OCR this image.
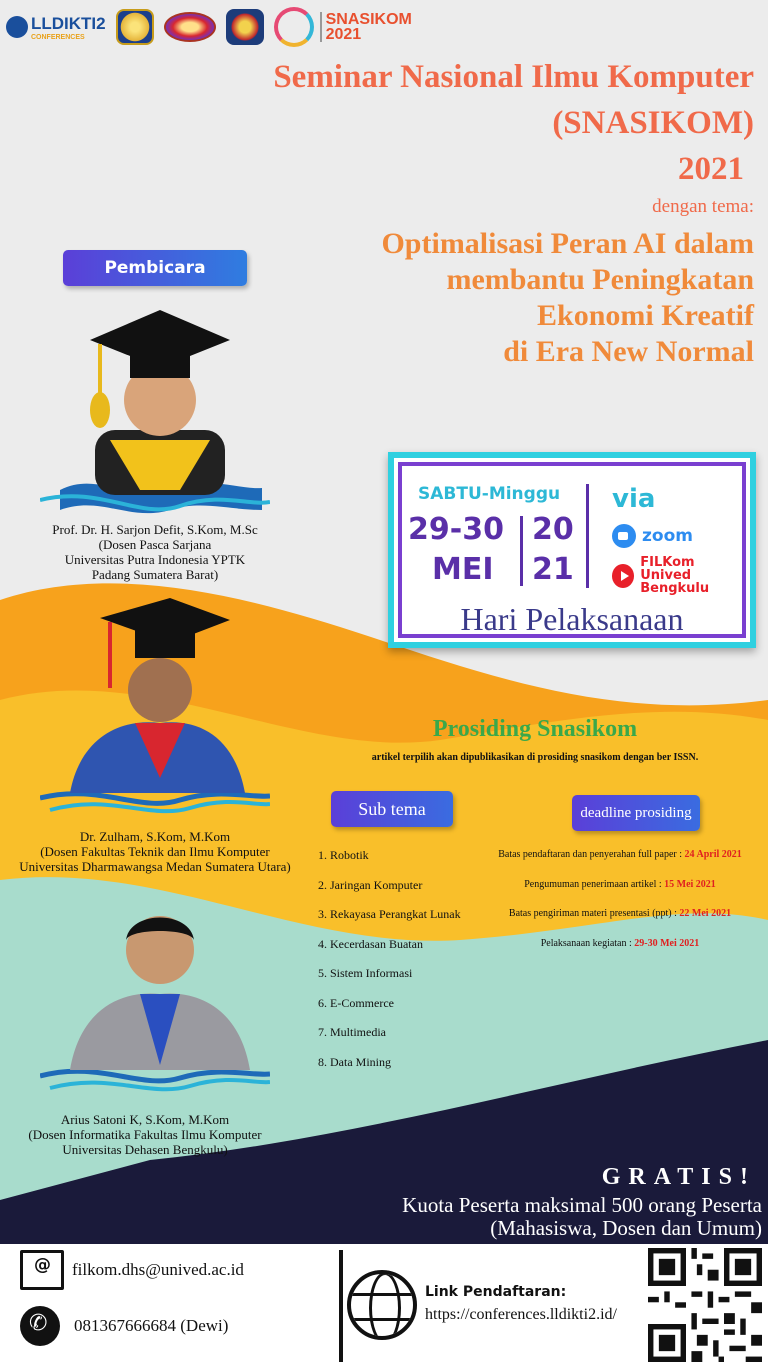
LLDIKTI2
CONFERENCES
SNASIKOM
2021
Seminar Nasional Ilmu Komputer
(SNASIKOM)
2021
dengan tema:
Optimalisasi Peran AI dalam
membantu Peningkatan
Ekonomi Kreatif
di Era New Normal
Pembicara
Prof. Dr. H. Sarjon Defit, S.Kom, M.Sc
(Dosen Pasca Sarjana
Universitas Putra Indonesia YPTK
Padang Sumatera Barat)
Dr. Zulham, S.Kom, M.Kom
(Dosen Fakultas Teknik dan Ilmu Komputer
Universitas Dharmawangsa Medan Sumatera Utara)
Arius Satoni K, S.Kom, M.Kom
(Dosen Informatika Fakultas Ilmu Komputer
Universitas Dehasen Bengkulu)
SABTU-Minggu
29-30 20
MEI 21
via
zoom
FILKom Unived
Bengkulu
Hari Pelaksanaan
Prosiding Snasikom
artikel terpilih akan dipublikasikan di prosiding snasikom dengan ber ISSN.
Sub tema	deadline prosiding
1. Robotik
2. Jaringan Komputer
3. Rekayasa Perangkat Lunak
4. Kecerdasan Buatan
5. Sistem Informasi
6. E-Commerce
7. Multimedia
8. Data Mining
Batas pendaftaran dan penyerahan full paper : 24 April 2021
Pengumuman penerimaan artikel : 15 Mei 2021
Batas pengiriman materi presentasi (ppt) : 22 Mei 2021
Pelaksanaan kegiatan : 29-30 Mei 2021
GRATIS!
Kuota Peserta maksimal 500 orang Peserta
(Mahasiswa, Dosen dan Umum)
@
filkom.dhs@unived.ac.id
✆
081367666684 (Dewi)
Link Pendaftaran:
https://conferences.lldikti2.id/
